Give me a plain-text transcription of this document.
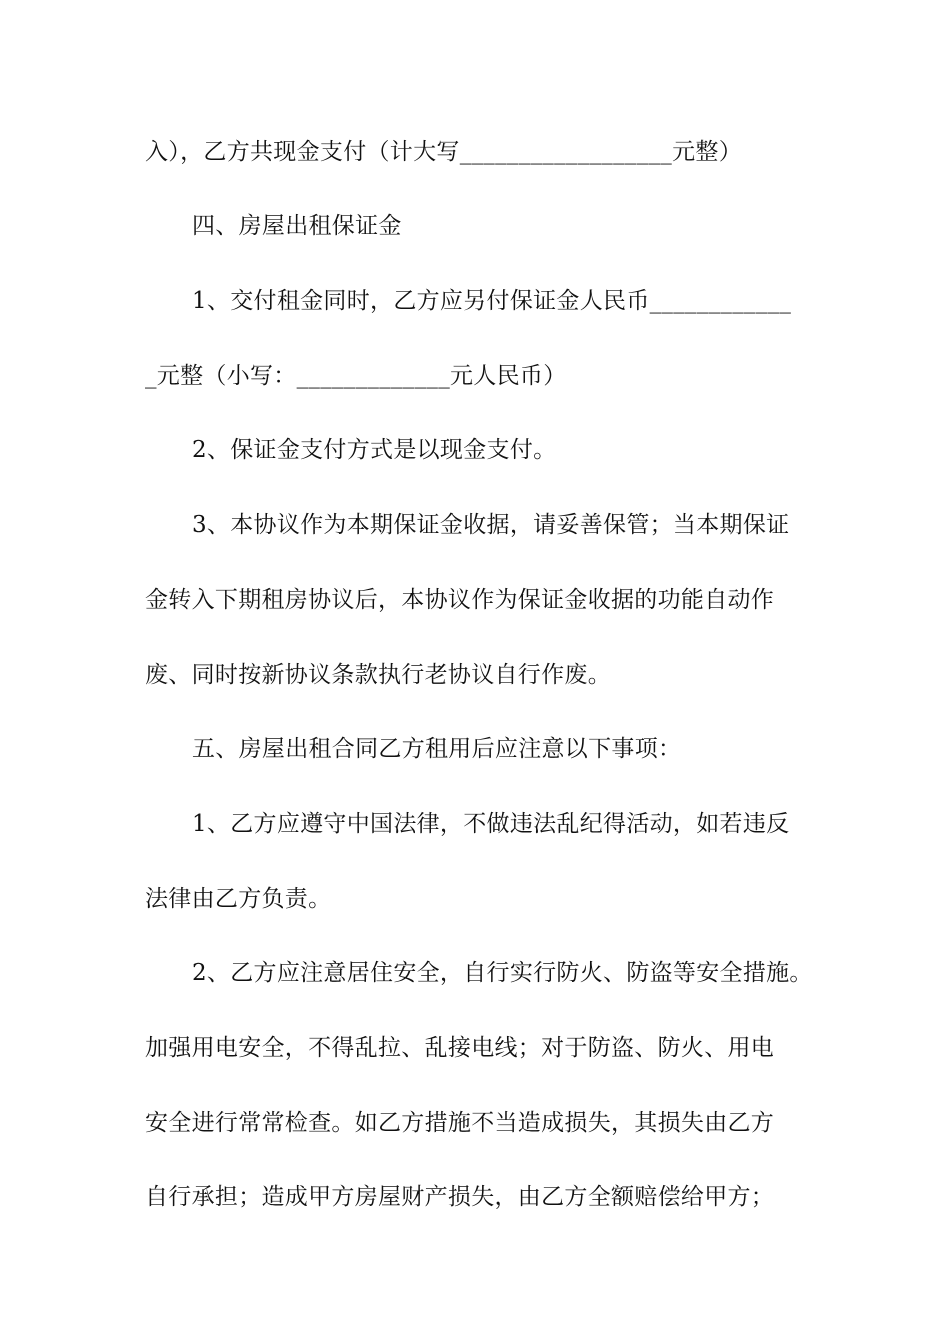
入），乙方共现金支付（计大写__________________元整）
四、房屋出租保证金
1、交付租金同时，乙方应另付保证金人民币____________
_元整（小写：_____________元人民币）
2、保证金支付方式是以现金支付。
3、本协议作为本期保证金收据，请妥善保管；当本期保证
金转入下期租房协议后，本协议作为保证金收据的功能自动作
废、同时按新协议条款执行老协议自行作废。
五、房屋出租合同乙方租用后应注意以下事项：
1、乙方应遵守中国法律，不做违法乱纪得活动，如若违反
法律由乙方负责。
2、乙方应注意居住安全，自行实行防火、防盗等安全措施。
加强用电安全，不得乱拉、乱接电线；对于防盗、防火、用电
安全进行常常检查。如乙方措施不当造成损失，其损失由乙方
自行承担；造成甲方房屋财产损失，由乙方全额赔偿给甲方；
